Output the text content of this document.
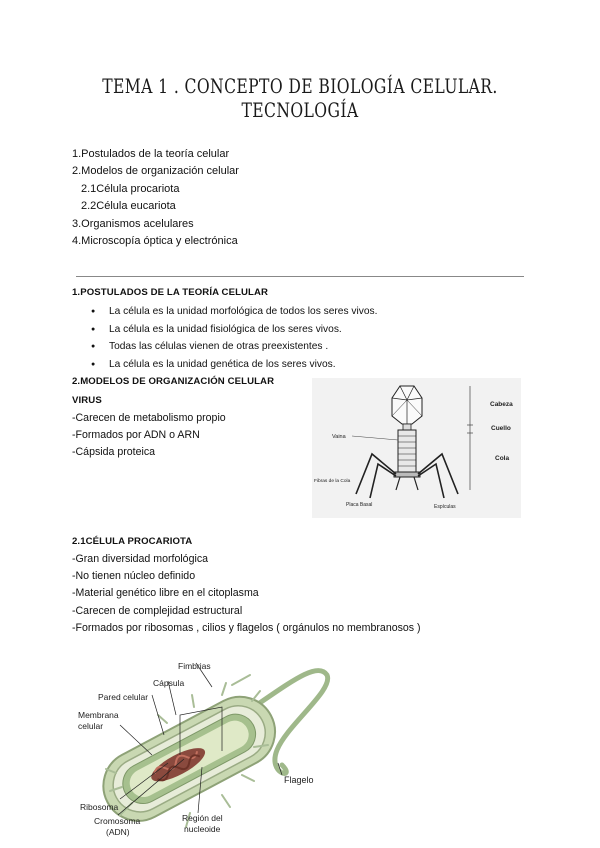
TEMA 1 . CONCEPTO DE BIOLOGÍA CELULAR. TECNOLOGÍA
1.Postulados de la teoría celular
2.Modelos de organización celular
2.1Célula procariota
2.2Célula eucariota
3.Organismos acelulares
4.Microscopía óptica y electrónica
1.POSTULADOS DE LA TEORÍA CELULAR
● La célula es la unidad morfológica de todos los seres vivos.
● La célula es la unidad fisiológica de los seres vivos.
● Todas las células vienen de otras preexistentes .
● La célula es la unidad genética de los seres vivos.
2.MODELOS DE ORGANIZACIÓN CELULAR
VIRUS
-Carecen de metabolismo propio
-Formados por ADN o ARN
-Cápsida proteica
Cabeza
Cuello
Cola
Vaina
Fibras de la Cola
Placa Basal	Espículas
2.1CÉLULA PROCARIOTA
-Gran diversidad morfológica
-No tienen núcleo definido
-Material genético libre en el citoplasma
-Carecen de complejidad estructural
-Formados por ribosomas , cilios y flagelos ( orgánulos no membranosos )
Fimbrias
Cápsula
Pared celular
Membrana
celular
Flagelo
Ribosoma
Cromosoma
(ADN)
Región del
nucleoide
